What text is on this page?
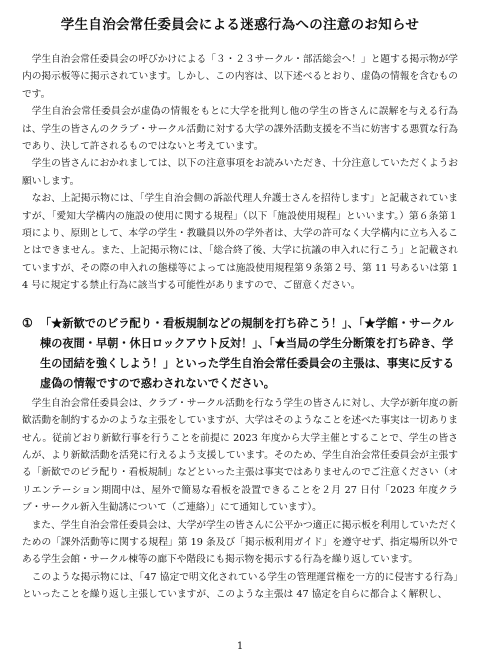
学生自治会常任委員会による迷惑行為への注意のお知らせ

学生自治会常任委員会の呼びかけによる「３・２３サークル・部活総会へ！」と題する掲示物が学内の掲示板等に掲示されています。しかし、この内容は、以下述べるとおり、虚偽の情報を含むものです。

学生自治会常任委員会が虚偽の情報をもとに大学を批判し他の学生の皆さんに誤解を与える行為は、学生の皆さんのクラブ・サークル活動に対する大学の課外活動支援を不当に妨害する悪質な行為であり、決して許されるものではないと考えています。

学生の皆さんにおかれましては、以下の注意事項をお読みいただき、十分注意していただくようお願いします。

なお、上記掲示物には、「学生自治会側の訴訟代理人弁護士さんを招待します」と記載されていますが、「愛知大学構内の施設の使用に関する規程」（以下「施設使用規程」といいます。）第６条第１項により、原則として、本学の学生・教職員以外の学外者は、大学の許可なく大学構内に立ち入ることはできません。また、上記掲示物には、「総合終了後、大学に抗議の申入れに行こう」と記載されていますが、その際の申入れの態様等によっては施設使用規程第９条第２号、第 11 号あるいは第 14 号に規定する禁止行為に該当する可能性がありますので、ご留意ください。

① 「★新歓でのビラ配り・看板規制などの規制を打ち砕こう！」、「★学館・サークル棟の夜間・早朝・休日ロックアウト反対！」、「★当局の学生分断策を打ち砕き、学生の団結を強くしよう！」といった学生自治会常任委員会の主張は、事実に反する虚偽の情報ですので惑わされないでください。

学生自治会常任委員会は、クラブ・サークル活動を行なう学生の皆さんに対し、大学が新年度の新歓活動を制約するかのような主張をしていますが、大学はそのようなことを述べた事実は一切ありません。従前どおり新歓行事を行うことを前提に 2023 年度から大学主催とすることで、学生の皆さんが、より新歓活動を活発に行えるよう支援しています。そのため、学生自治会常任委員会が主張する「新歓でのビラ配り・看板規制」などといった主張は事実ではありませんのでご注意ください（オリエンテーション期間中は、屋外で簡易な看板を設置できることを２月 27 日付「2023 年度クラブ・サークル新入生勧誘について（ご連絡）」にて通知しています）。

また、学生自治会常任委員会は、大学が学生の皆さんに公平かつ適正に掲示板を利用していただくための「課外活動等に関する規程」第 19 条及び「掲示板利用ガイド」を遵守せず、指定場所以外である学生会館・サークル棟等の廊下や階段にも掲示物を掲示する行為を繰り返しています。

このような掲示物には、「47 協定で明文化されている学生の管理運営権を一方的に侵害する行為」といったことを繰り返し主張していますが、このような主張は 47 協定を自らに都合よく解釈し、

1
